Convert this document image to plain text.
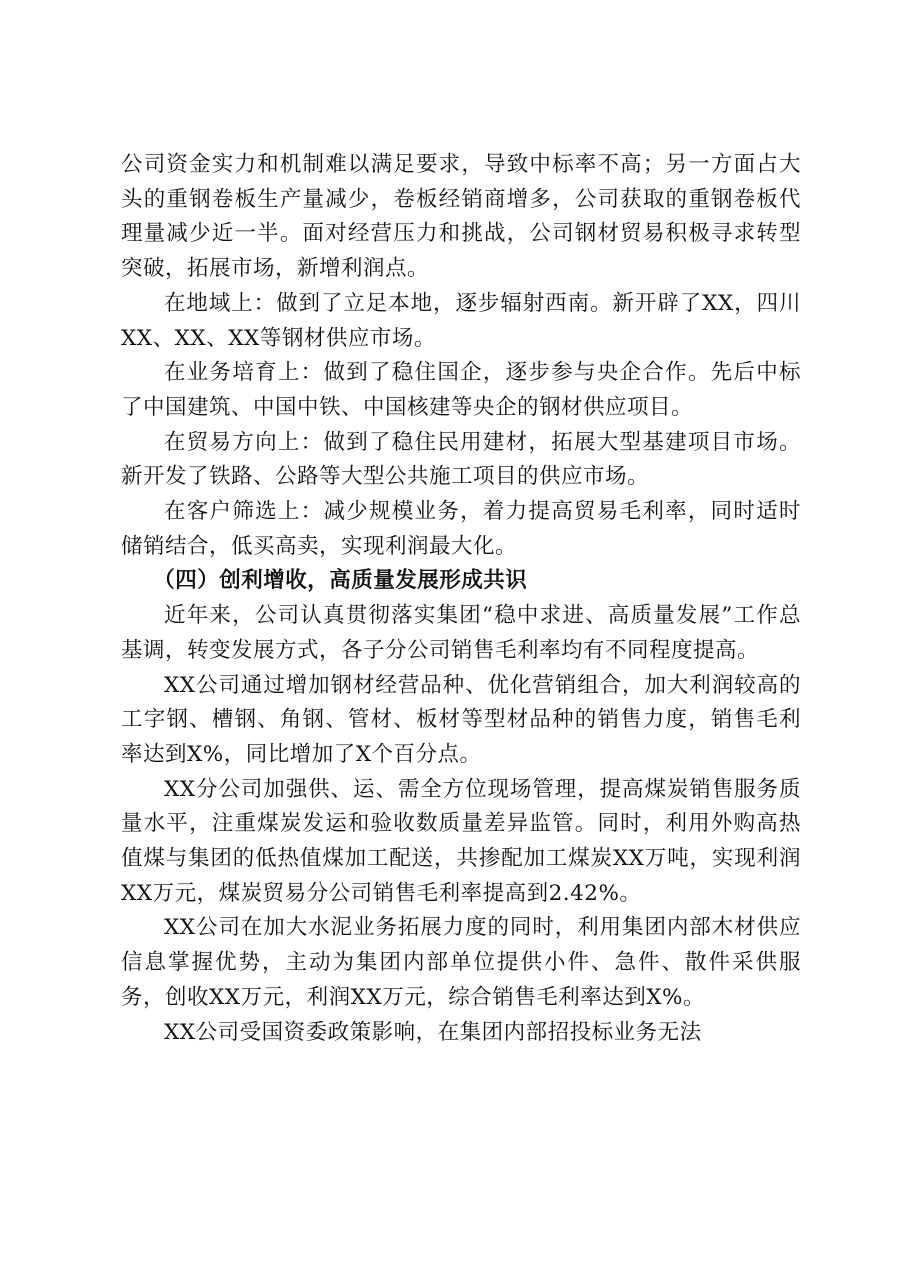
公司资金实力和机制难以满足要求，导致中标率不高；另一方面占大头的重钢卷板生产量减少，卷板经销商增多，公司获取的重钢卷板代理量减少近一半。面对经营压力和挑战，公司钢材贸易积极寻求转型突破，拓展市场，新增利润点。

在地域上：做到了立足本地，逐步辐射西南。新开辟了XX，四川XX、XX、XX等钢材供应市场。

在业务培育上：做到了稳住国企，逐步参与央企合作。先后中标了中国建筑、中国中铁、中国核建等央企的钢材供应项目。

在贸易方向上：做到了稳住民用建材，拓展大型基建项目市场。新开发了铁路、公路等大型公共施工项目的供应市场。

在客户筛选上：减少规模业务，着力提高贸易毛利率，同时适时储销结合，低买高卖，实现利润最大化。

（四）创利增收，高质量发展形成共识

近年来，公司认真贯彻落实集团“稳中求进、高质量发展”工作总基调，转变发展方式，各子分公司销售毛利率均有不同程度提高。

XX公司通过增加钢材经营品种、优化营销组合，加大利润较高的工字钢、槽钢、角钢、管材、板材等型材品种的销售力度，销售毛利率达到X%，同比增加了X个百分点。

XX分公司加强供、运、需全方位现场管理，提高煤炭销售服务质量水平，注重煤炭发运和验收数质量差异监管。同时，利用外购高热值煤与集团的低热值煤加工配送，共掺配加工煤炭XX万吨，实现利润XX万元，煤炭贸易分公司销售毛利率提高到2.42%。

XX公司在加大水泥业务拓展力度的同时，利用集团内部木材供应信息掌握优势，主动为集团内部单位提供小件、急件、散件采供服务，创收XX万元，利润XX万元，综合销售毛利率达到X%。

XX公司受国资委政策影响，在集团内部招投标业务无法
